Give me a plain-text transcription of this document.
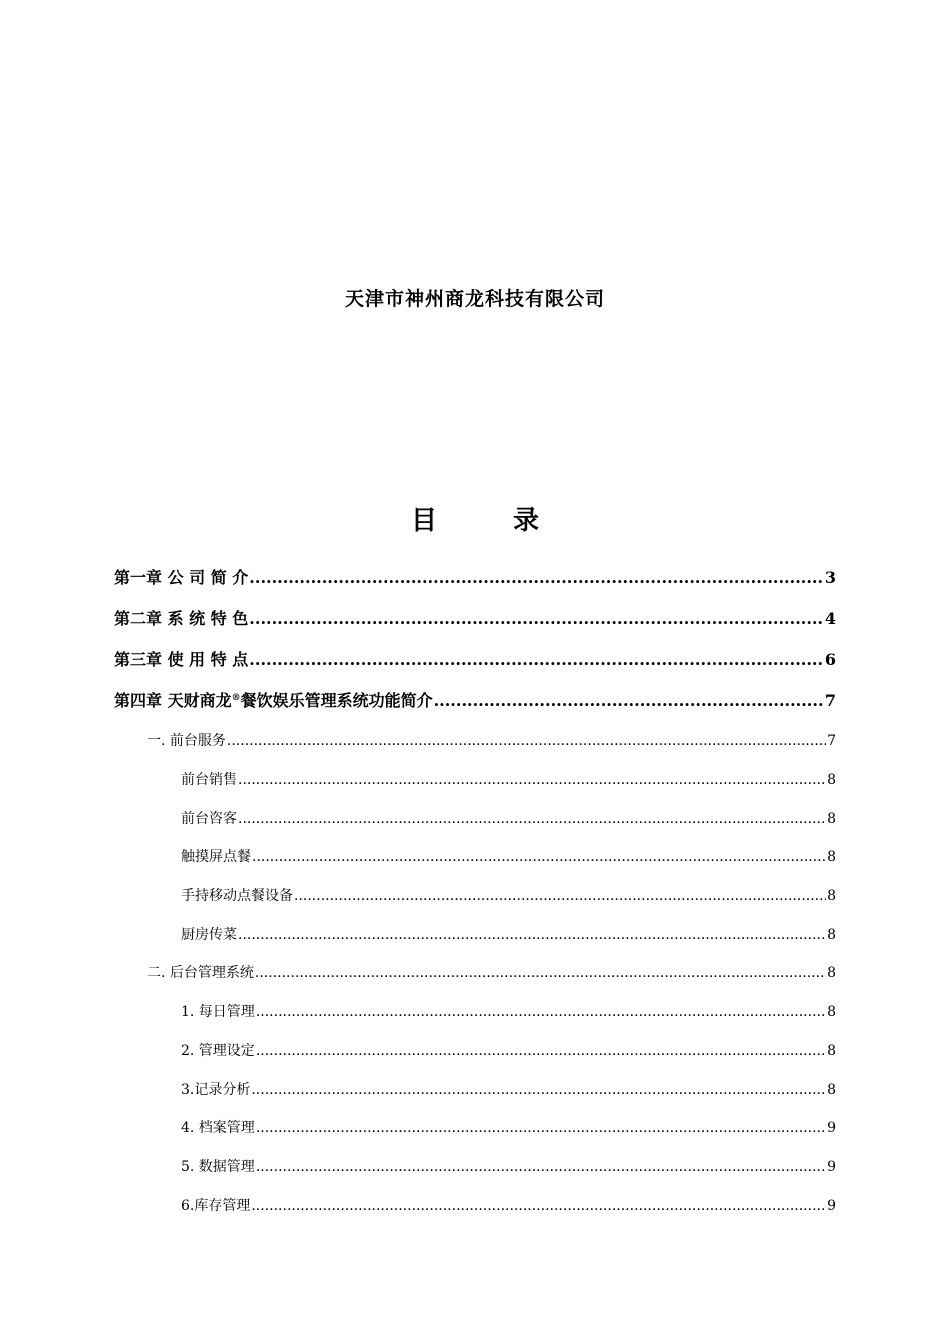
天津市神州商龙科技有限公司
目	录
第一章 公 司 简 介 .....	3
第二章 系 统 特 色 .....	4
第三章 使 用 特 点 .....	6
第四章 天财商龙®餐饮娱乐管理系统功能简介 .....	7
一. 前台服务 .....	7
前台销售 .....	8
前台咨客 .....	8
触摸屏点餐 .....	8
手持移动点餐设备 .....	8
厨房传菜 .....	8
二. 后台管理系统 .....	8
1. 每日管理 .....	8
2. 管理设定 .....	8
3.记录分析 .....	8
4. 档案管理 .....	9
5. 数据管理 .....	9
6.库存管理 .....	9
